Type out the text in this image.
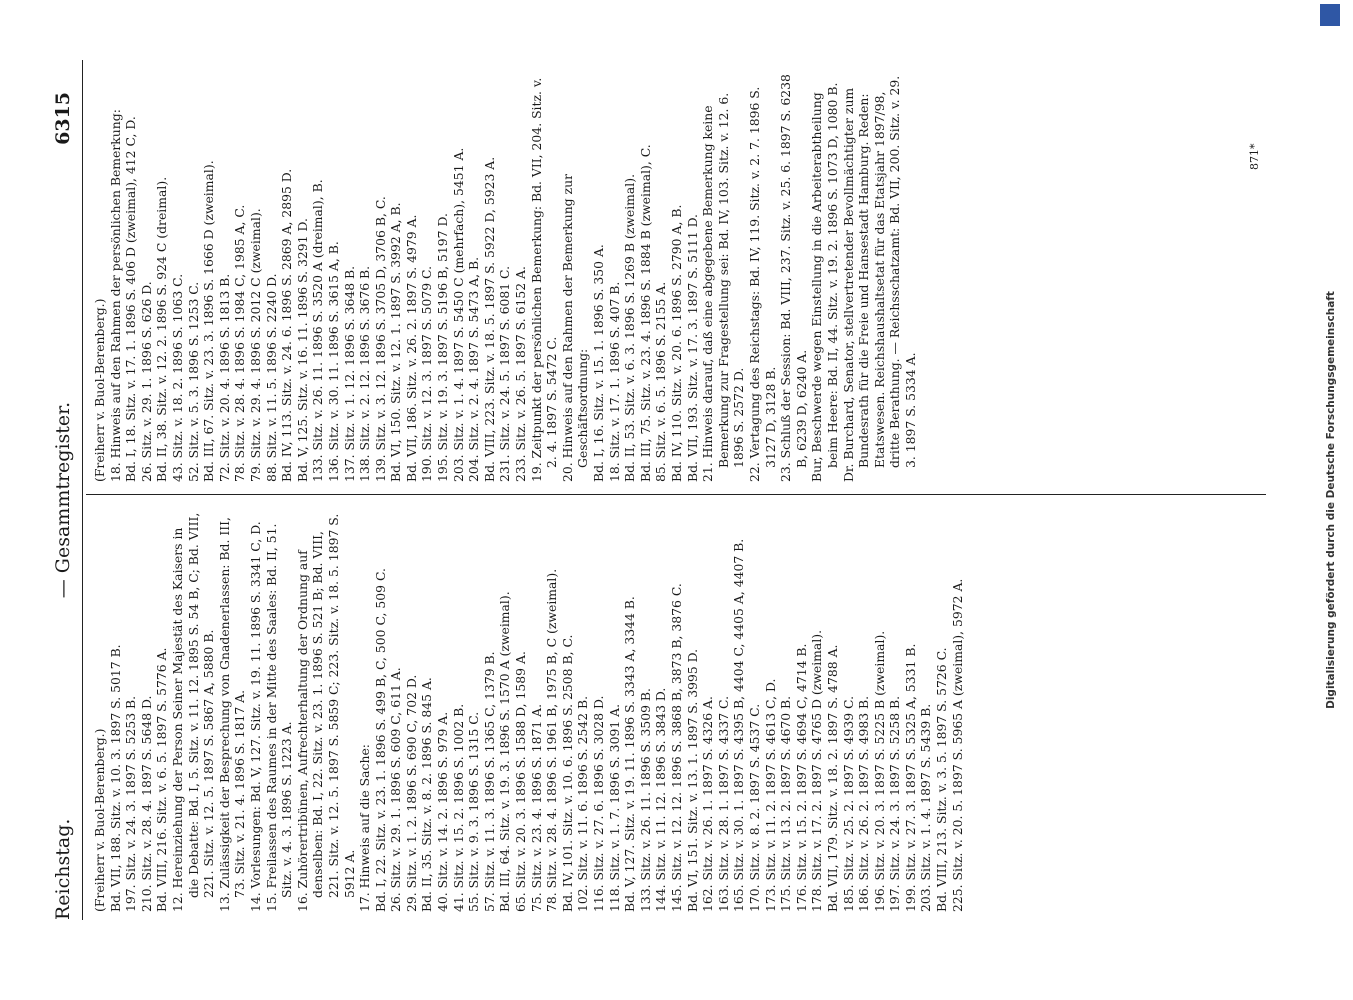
Reichstag.
— Gesammtregister.
6315

(Freiherr v. Buol-Berenberg.) Bd. VII, 188. Sitz. v. 10. 3. 1897 S. 5017 B. 197. Sitz. v. 24. 3. 1897 S. 5253 B. 210. Sitz. v. 28. 4. 1897 S. 5648 D. Bd. VIII, 216. Sitz. v. 6. 5. 1897 S. 5776 A. 12. Hereinziehung der Person Seiner Majestät des Kaisers in die Debatte: Bd. I, 5. Sitz. v. 11. 12. 1895 S. 54 B, C; Bd. VIII, 221. Sitz. v. 12. 5. 1897 S. 5867 A, 5880 B. 13. Zulässigkeit der Besprechung von Gnadenerlassen: Bd. III, 73. Sitz. v. 21. 4. 1896 S. 1817 A. 14. Vorlesungen: Bd. V, 127. Sitz. v. 19. 11. 1896 S. 3341 C, D. 15. Freilassen des Raumes in der Mitte des Saales: Bd. II, 51. Sitz. v. 4. 3. 1896 S. 1223 A. 16. Zuhörertribünen, Aufrechterhaltung der Ordnung auf denselben: Bd. I, 22. Sitz. v. 23. 1. 1896 S. 521 B; Bd. VIII, 221. Sitz. v. 12. 5. 1897 S. 5859 C; 223. Sitz. v. 18. 5. 1897 S. 5912 A. 17. Hinweis auf die Sache: Bd. I, 22. Sitz. v. 23. 1. 1896 S. 499 B, C, 500 C, 509 C. 26. Sitz. v. 29. 1. 1896 S. 609 C, 611 A. 29. Sitz. v. 1. 2. 1896 S. 690 C, 702 D. Bd. II, 35. Sitz. v. 8. 2. 1896 S. 845 A. 40. Sitz. v. 14. 2. 1896 S. 979 A. 41. Sitz. v. 15. 2. 1896 S. 1002 B. 55. Sitz. v. 9. 3. 1896 S. 1315 C. 57. Sitz. v. 11. 3. 1896 S. 1365 C, 1379 B. Bd. III, 64. Sitz. v. 19. 3. 1896 S. 1570 A (zweimal). 65. Sitz. v. 20. 3. 1896 S. 1588 D, 1589 A. 75. Sitz. v. 23. 4. 1896 S. 1871 A. 78. Sitz. v. 28. 4. 1896 S. 1961 B, 1975 B, C (zweimal). Bd. IV, 101. Sitz. v. 10. 6. 1896 S. 2508 B, C. 102. Sitz. v. 11. 6. 1896 S. 2542 B. 116. Sitz. v. 27. 6. 1896 S. 3028 D. 118. Sitz. v. 1. 7. 1896 S. 3091 A. Bd. V, 127. Sitz. v. 19. 11. 1896 S. 3343 A, 3344 B. 133. Sitz. v. 26. 11. 1896 S. 3509 B. 144. Sitz. v. 11. 12. 1896 S. 3843 D. 145. Sitz. v. 12. 12. 1896 S. 3868 B, 3873 B, 3876 C. Bd. VI, 151. Sitz. v. 13. 1. 1897 S. 3995 D. 162. Sitz. v. 26. 1. 1897 S. 4326 A. 163. Sitz. v. 28. 1. 1897 S. 4337 C. 165. Sitz. v. 30. 1. 1897 S. 4395 B, 4404 C, 4405 A, 4407 B. 170. Sitz. v. 8. 2. 1897 S. 4537 C. 173. Sitz. v. 11. 2. 1897 S. 4613 C, D. 175. Sitz. v. 13. 2. 1897 S. 4670 B. 176. Sitz. v. 15. 2. 1897 S. 4694 C, 4714 B. 178. Sitz. v. 17. 2. 1897 S. 4765 D (zweimal). Bd. VII, 179. Sitz. v. 18. 2. 1897 S. 4788 A. 185. Sitz. v. 25. 2. 1897 S. 4939 C. 186. Sitz. v. 26. 2. 1897 S. 4983 B. 196. Sitz. v. 20. 3. 1897 S. 5225 B (zweimal). 197. Sitz. v. 24. 3. 1897 S. 5258 B. 199. Sitz. v. 27. 3. 1897 S. 5325 A, 5331 B. 203. Sitz. v. 1. 4. 1897 S. 5439 B. Bd. VIII, 213. Sitz. v. 3. 5. 1897 S. 5726 C. 225. Sitz. v. 20. 5. 1897 S. 5965 A (zweimal), 5972 A.

(Freiherr v. Buol-Berenberg.) 18. Hinweis auf den Rahmen der persönlichen Bemerkung: Bd. I, 18. Sitz. v. 17. 1. 1896 S. 406 D (zweimal), 412 C, D. 26. Sitz. v. 29. 1. 1896 S. 626 D. Bd. II, 38. Sitz. v. 12. 2. 1896 S. 924 C (dreimal). 43. Sitz. v. 18. 2. 1896 S. 1063 C. 52. Sitz. v. 5. 3. 1896 S. 1253 C. Bd. III, 67. Sitz. v. 23. 3. 1896 S. 1666 D (zweimal). 72. Sitz. v. 20. 4. 1896 S. 1813 B. 78. Sitz. v. 28. 4. 1896 S. 1984 C, 1985 A, C. 79. Sitz. v. 29. 4. 1896 S. 2012 C (zweimal). 88. Sitz. v. 11. 5. 1896 S. 2240 D. Bd. IV, 113. Sitz. v. 24. 6. 1896 S. 2869 A, 2895 D. Bd. V, 125. Sitz. v. 16. 11. 1896 S. 3291 D. 133. Sitz. v. 26. 11. 1896 S. 3520 A (dreimal), B. 136. Sitz. v. 30. 11. 1896 S. 3615 A, B. 137. Sitz. v. 1. 12. 1896 S. 3648 B. 138. Sitz. v. 2. 12. 1896 S. 3676 B. 139. Sitz. v. 3. 12. 1896 S. 3705 D, 3706 B, C. Bd. VI, 150. Sitz. v. 12. 1. 1897 S. 3992 A, B. Bd. VII, 186. Sitz. v. 26. 2. 1897 S. 4979 A. 190. Sitz. v. 12. 3. 1897 S. 5079 C. 195. Sitz. v. 19. 3. 1897 S. 5196 B, 5197 D. 203. Sitz. v. 1. 4. 1897 S. 5450 C (mehrfach), 5451 A. 204. Sitz. v. 2. 4. 1897 S. 5473 A, B. Bd. VIII, 223. Sitz. v. 18. 5. 1897 S. 5922 D, 5923 A. 231. Sitz. v. 24. 5. 1897 S. 6081 C. 233. Sitz. v. 26. 5. 1897 S. 6152 A. 19. Zeitpunkt der persönlichen Bemerkung: Bd. VII, 204. Sitz. v. 2. 4. 1897 S. 5472 C. 20. Hinweis auf den Rahmen der Bemerkung zur Geschäftsordnung: Bd. I, 16. Sitz. v. 15. 1. 1896 S. 350 A. 18. Sitz. v. 17. 1. 1896 S. 407 B. Bd. II, 53. Sitz. v. 6. 3. 1896 S. 1269 B (zweimal). Bd. III, 75. Sitz. v. 23. 4. 1896 S. 1884 B (zweimal), C. 85. Sitz. v. 6. 5. 1896 S. 2155 A. Bd. IV, 110. Sitz. v. 20. 6. 1896 S. 2790 A, B. Bd. VII, 193. Sitz. v. 17. 3. 1897 S. 5111 D. 21. Hinweis darauf, daß eine abgegebene Bemerkung keine Bemerkung zur Fragestellung sei: Bd. IV, 103. Sitz. v. 12. 6. 1896 S. 2572 D. 22. Vertagung des Reichstags: Bd. IV, 119. Sitz. v. 2. 7. 1896 S. 3127 D, 3128 B. 23. Schluß der Session: Bd. VIII, 237. Sitz. v. 25. 6. 1897 S. 6238 B, 6239 D, 6240 A. Bur, Beschwerde wegen Einstellung in die Arbeiterabtheilung beim Heere: Bd. II, 44. Sitz. v. 19. 2. 1896 S. 1073 D, 1080 B. Dr. Burchard, Senator, stellvertretender Bevollmächtigter zum Bundesrath für die Freie und Hansestadt Hamburg. Reden: Etatswesen. Reichshaushaltsetat für das Etatsjahr 1897/98, dritte Berathung. — Reichsschatzamt: Bd. VII, 200. Sitz. v. 29. 3. 1897 S. 5334 A.

871*
Digitalisierung gefördert durch die Deutsche Forschungsgemeinschaft
